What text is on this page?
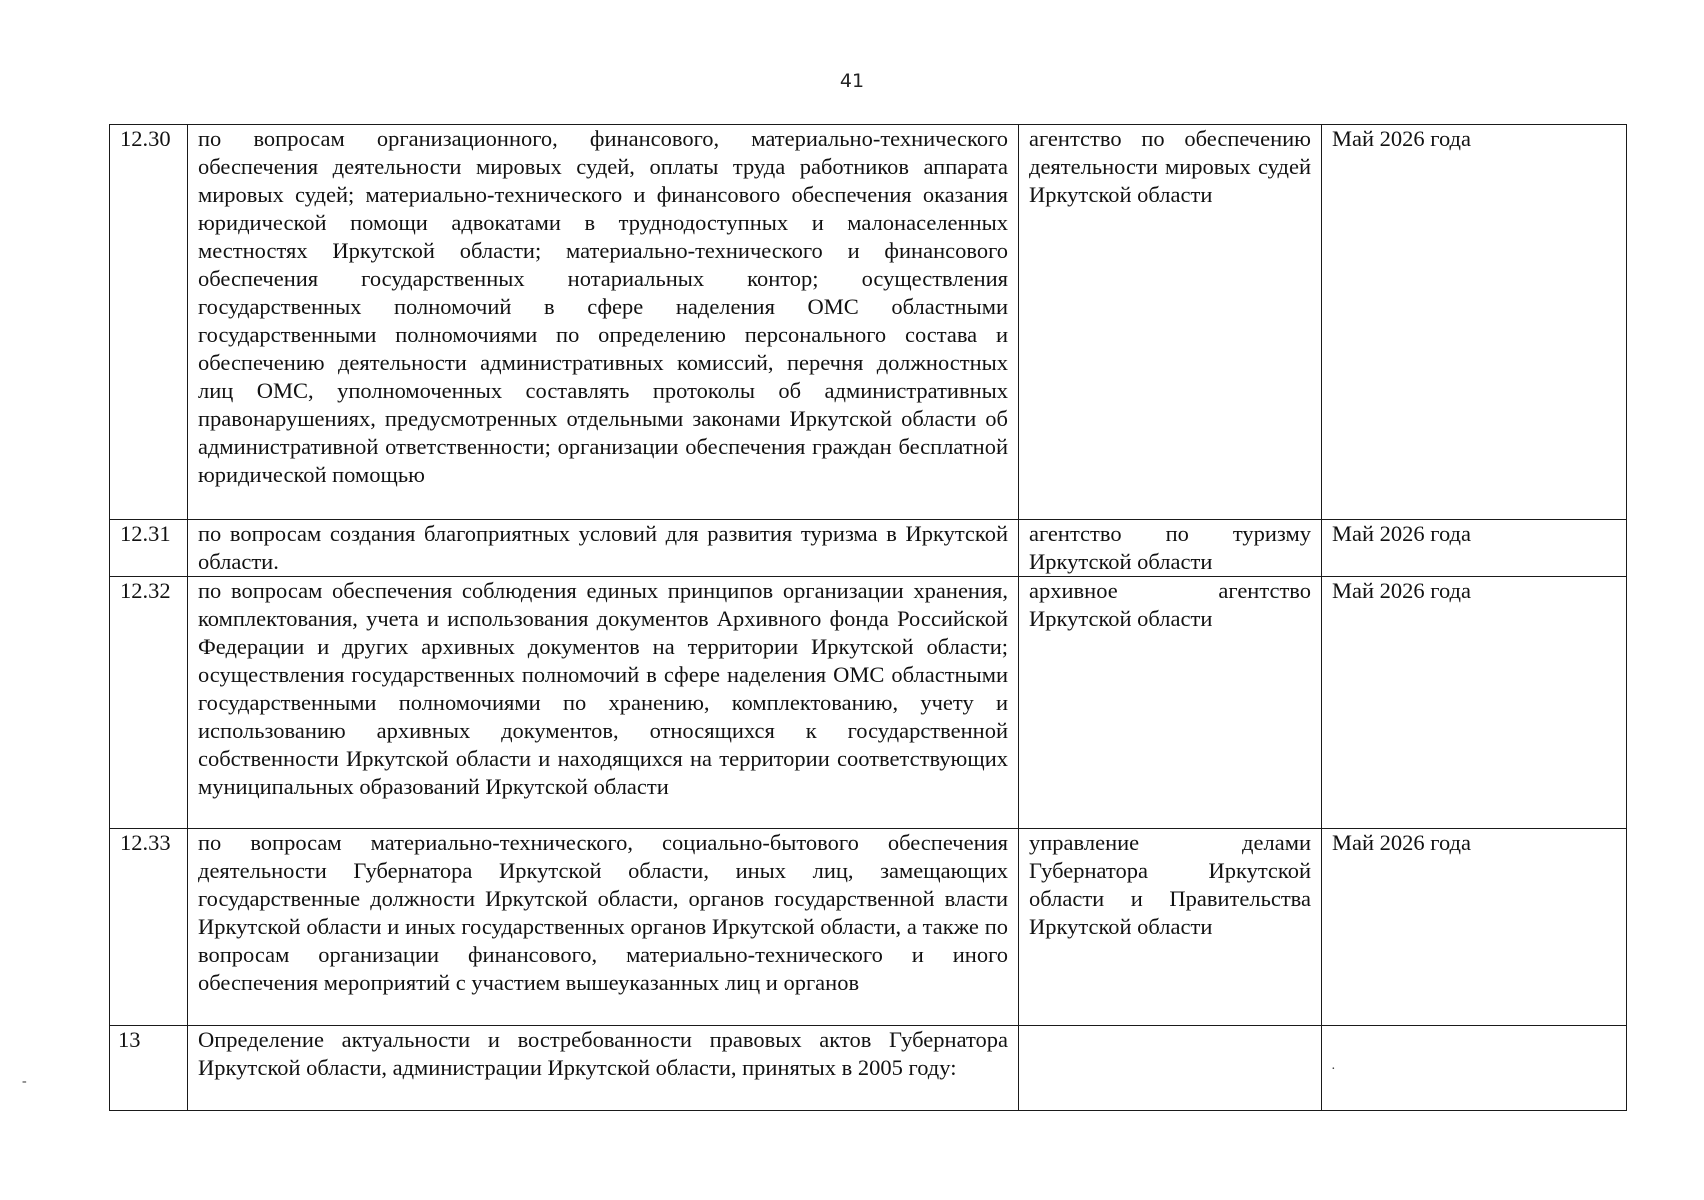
41
12.30	по вопросам организационного, финансового, материально-технического обеспечения деятельности мировых судей, оплаты труда работников аппарата мировых судей; материально-технического и финансового обеспечения оказания юридической помощи адвокатами в труднодоступных и малонаселенных местностях Иркутской области; материально-технического и финансового обеспечения государственных нотариальных контор; осуществления государственных полномочий в сфере наделения ОМС областными государственными полномочиями по определению персонального состава и обеспечению деятельности административных комиссий, перечня должностных лиц ОМС, уполномоченных составлять протоколы об административных правонарушениях, предусмотренных отдельными законами Иркутской области об административной ответственности; организации обеспечения граждан бесплатной юридической помощью	агентство по обеспечению деятельности мировых судей Иркутской области	Май 2026 года

12.31	по вопросам создания благоприятных условий для развития туризма в Иркутской области.	агентство по туризму Иркутской области	Май 2026 года

12.32	по вопросам обеспечения соблюдения единых принципов организации хранения, комплектования, учета и использования документов Архивного фонда Российской Федерации и других архивных документов на территории Иркутской области; осуществления государственных полномочий в сфере наделения ОМС областными государственными полномочиями по хранению, комплектованию, учету и использованию архивных документов, относящихся к государственной собственности Иркутской области и находящихся на территории соответствующих муниципальных образований Иркутской области	архивное агентство Иркутской области	Май 2026 года

12.33	по вопросам материально-технического, социально-бытового обеспечения деятельности Губернатора Иркутской области, иных лиц, замещающих государственные должности Иркутской области, органов государственной власти Иркутской области и иных государственных органов Иркутской области, а также по вопросам организации финансового, материально-технического и иного обеспечения мероприятий с участием вышеуказанных лиц и органов	управление делами Губернатора Иркутской области и Правительства Иркутской области	Май 2026 года

13	Определение актуальности и востребованности правовых актов Губернатора Иркутской области, администрации Иркутской области, принятых в 2005 году:		

-
·
